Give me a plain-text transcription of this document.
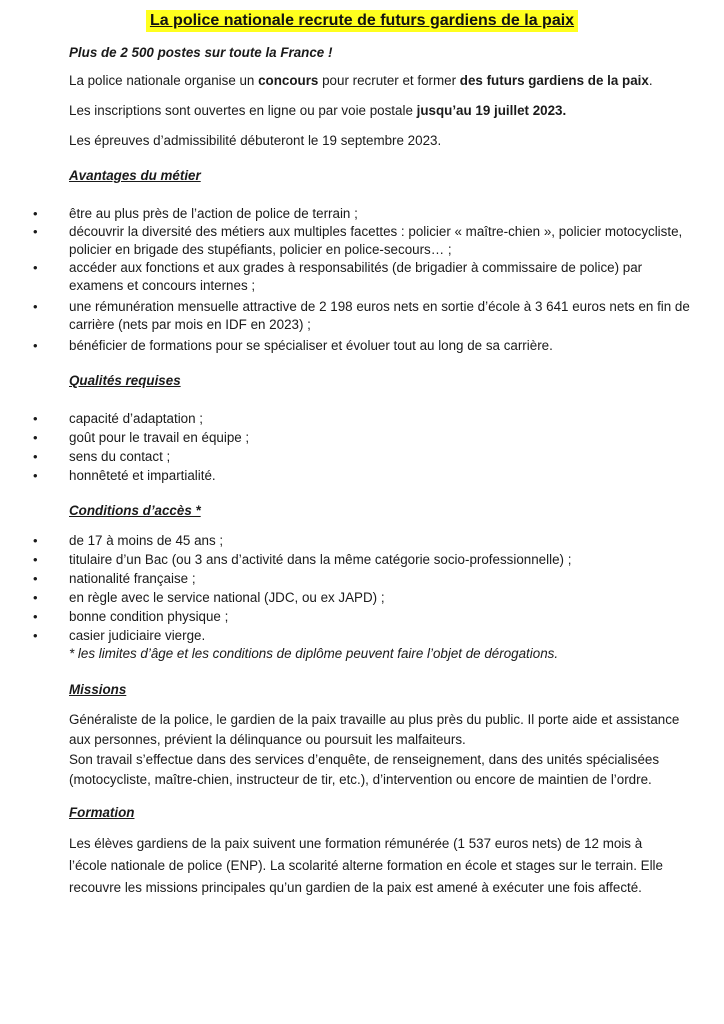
La police nationale recrute de futurs gardiens de la paix

Plus de 2 500 postes sur toute la France !

La police nationale organise un concours pour recruter et former des futurs gardiens de la paix.

Les inscriptions sont ouvertes en ligne ou par voie postale jusqu’au 19 juillet 2023.

Les épreuves d’admissibilité débuteront le 19 septembre 2023.

Avantages du métier
• être au plus près de l’action de police de terrain ;
• découvrir la diversité des métiers aux multiples facettes : policier « maître-chien », policier motocycliste, policier en brigade des stupéfiants, policier en police-secours… ;
• accéder aux fonctions et aux grades à responsabilités (de brigadier à commissaire de police) par examens et concours internes ;
• une rémunération mensuelle attractive de 2 198 euros nets en sortie d’école à 3 641 euros nets en fin de carrière (nets par mois en IDF en 2023) ;
• bénéficier de formations pour se spécialiser et évoluer tout au long de sa carrière.
Qualités requises
• capacité d’adaptation ;
• goût pour le travail en équipe ;
• sens du contact ;
• honnêteté et impartialité.
Conditions d’accès *
• de 17 à moins de 45 ans ;
• titulaire d’un Bac (ou 3 ans d’activité dans la même catégorie socio-professionnelle) ;
• nationalité française ;
• en règle avec le service national (JDC, ou ex JAPD) ;
• bonne condition physique ;
• casier judiciaire vierge.

* les limites d’âge et les conditions de diplôme peuvent faire l’objet de dérogations.

Missions

Généraliste de la police, le gardien de la paix travaille au plus près du public. Il porte aide et assistance aux personnes, prévient la délinquance ou poursuit les malfaiteurs.

Son travail s’effectue dans des services d’enquête, de renseignement, dans des unités spécialisées (motocycliste, maître-chien, instructeur de tir, etc.), d’intervention ou encore de maintien de l’ordre.

Formation

Les élèves gardiens de la paix suivent une formation rémunérée (1 537 euros nets) de 12 mois à l’école nationale de police (ENP). La scolarité alterne formation en école et stages sur le terrain. Elle recouvre les missions principales qu’un gardien de la paix est amené à exécuter une fois affecté.
